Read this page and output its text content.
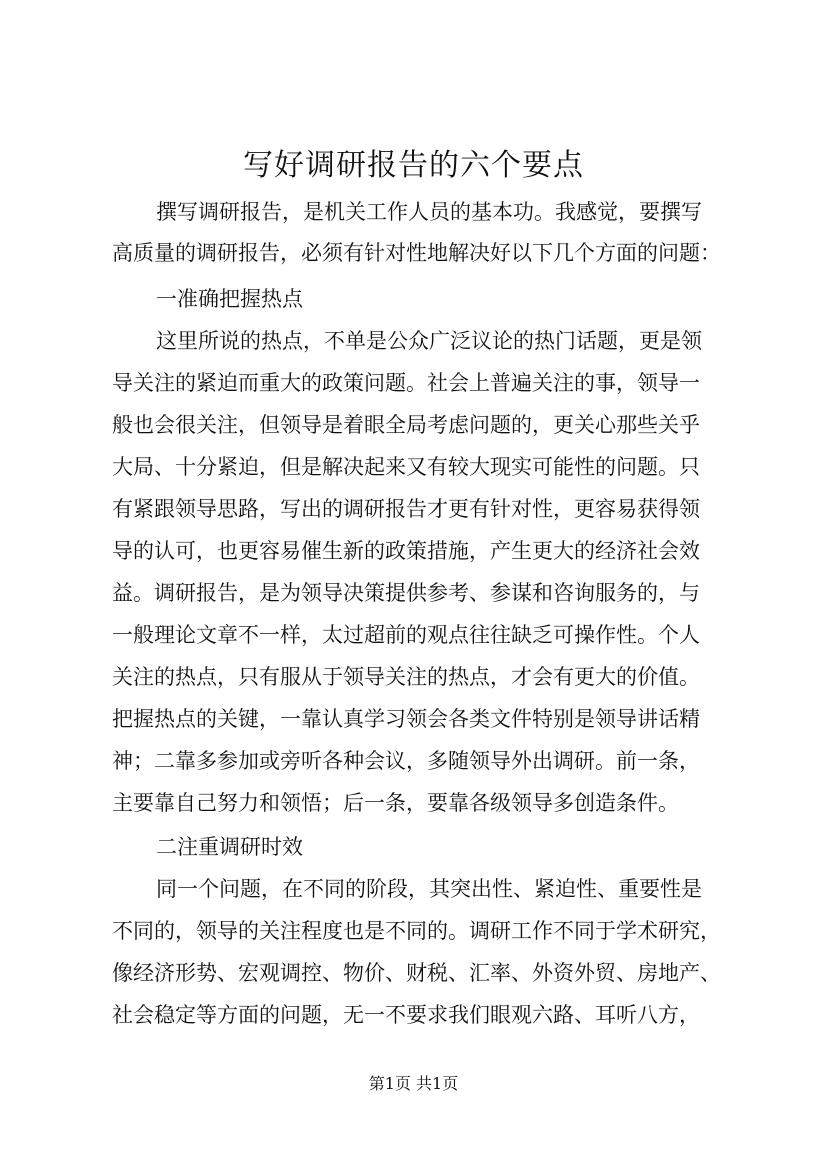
写好调研报告的六个要点

撰写调研报告，是机关工作人员的基本功。我感觉，要撰写

高质量的调研报告，必须有针对性地解决好以下几个方面的问题：

一准确把握热点

这里所说的热点，不单是公众广泛议论的热门话题，更是领

导关注的紧迫而重大的政策问题。社会上普遍关注的事，领导一

般也会很关注，但领导是着眼全局考虑问题的，更关心那些关乎

大局、十分紧迫，但是解决起来又有较大现实可能性的问题。只

有紧跟领导思路，写出的调研报告才更有针对性，更容易获得领

导的认可，也更容易催生新的政策措施，产生更大的经济社会效

益。调研报告，是为领导决策提供参考、参谋和咨询服务的，与

一般理论文章不一样，太过超前的观点往往缺乏可操作性。个人

关注的热点，只有服从于领导关注的热点，才会有更大的价值。

把握热点的关键，一靠认真学习领会各类文件特别是领导讲话精

神；二靠多参加或旁听各种会议，多随领导外出调研。前一条，

主要靠自己努力和领悟；后一条，要靠各级领导多创造条件。

二注重调研时效

同一个问题，在不同的阶段，其突出性、紧迫性、重要性是

不同的，领导的关注程度也是不同的。调研工作不同于学术研究，

像经济形势、宏观调控、物价、财税、汇率、外资外贸、房地产、

社会稳定等方面的问题，无一不要求我们眼观六路、耳听八方，

第1页 共1页
